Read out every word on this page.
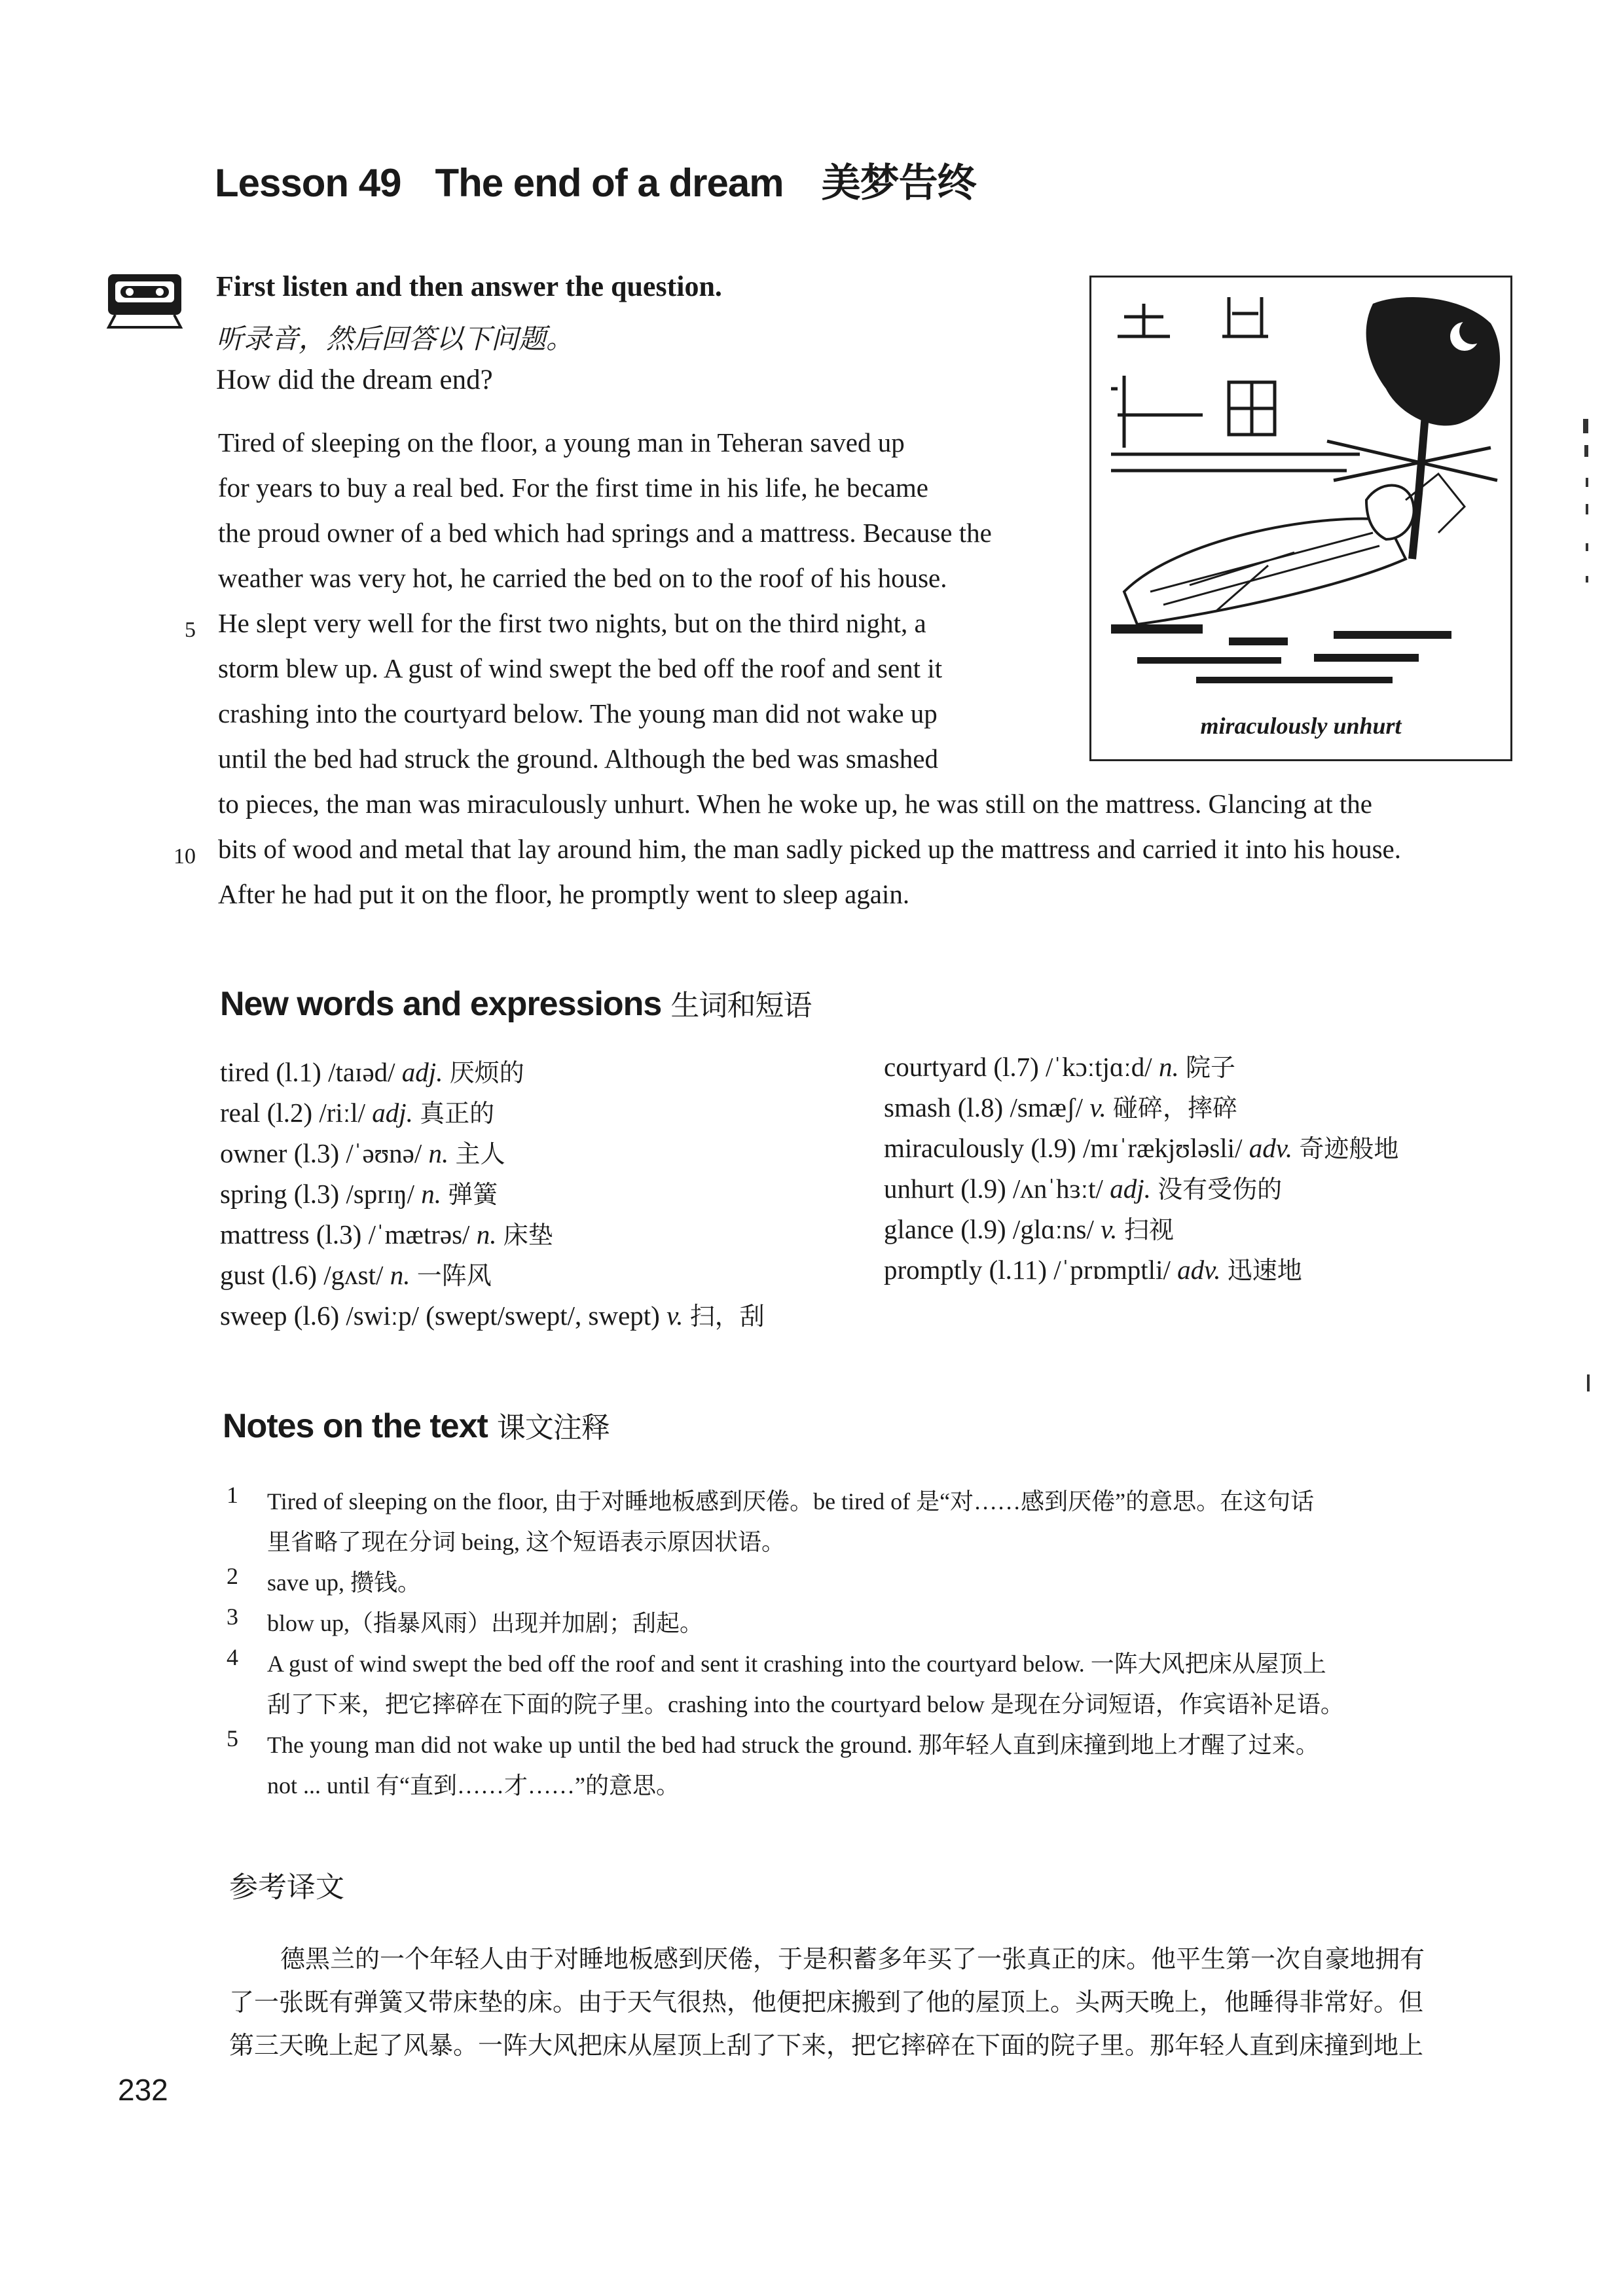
Lesson 49 The end of a dream 美梦告终
First listen and then answer the question.
听录音，然后回答以下问题。
How did the dream end?
Tired of sleeping on the floor, a young man in Teheran saved up
for years to buy a real bed. For the first time in his life, he became
the proud owner of a bed which had springs and a mattress. Because the
weather was very hot, he carried the bed on to the roof of his house.
He slept very well for the first two nights, but on the third night, a
storm blew up. A gust of wind swept the bed off the roof and sent it
crashing into the courtyard below. The young man did not wake up
until the bed had struck the ground. Although the bed was smashed
to pieces, the man was miraculously unhurt. When he woke up, he was still on the mattress. Glancing at the
bits of wood and metal that lay around him, the man sadly picked up the mattress and carried it into his house.
After he had put it on the floor, he promptly went to sleep again.
5
10
miraculously unhurt
New words and expressions 生词和短语
tired (l.1) /taɪəd/ adj. 厌烦的
real (l.2) /riːl/ adj. 真正的
owner (l.3) /ˈəʊnə/ n. 主人
spring (l.3) /sprɪŋ/ n. 弹簧
mattress (l.3) /ˈmætrəs/ n. 床垫
gust (l.6) /gʌst/ n. 一阵风
sweep (l.6) /swiːp/ (swept/swept/, swept) v. 扫，刮
courtyard (l.7) /ˈkɔːtjɑːd/ n. 院子
smash (l.8) /smæʃ/ v. 碰碎，摔碎
miraculously (l.9) /mɪˈrækjʊləsli/ adv. 奇迹般地
unhurt (l.9) /ʌnˈhɜːt/ adj. 没有受伤的
glance (l.9) /glɑːns/ v. 扫视
promptly (l.11) /ˈprɒmptli/ adv. 迅速地
Notes on the text 课文注释
1 Tired of sleeping on the floor, 由于对睡地板感到厌倦。be tired of 是“对……感到厌倦”的意思。在这句话
里省略了现在分词 being, 这个短语表示原因状语。
2 save up, 攒钱。
3 blow up,（指暴风雨）出现并加剧；刮起。
4 A gust of wind swept the bed off the roof and sent it crashing into the courtyard below. 一阵大风把床从屋顶上
刮了下来，把它摔碎在下面的院子里。crashing into the courtyard below 是现在分词短语，作宾语补足语。
5 The young man did not wake up until the bed had struck the ground. 那年轻人直到床撞到地上才醒了过来。
not ... until 有“直到……才……”的意思。
参考译文
德黑兰的一个年轻人由于对睡地板感到厌倦，于是积蓄多年买了一张真正的床。他平生第一次自豪地拥有
了一张既有弹簧又带床垫的床。由于天气很热，他便把床搬到了他的屋顶上。头两天晚上，他睡得非常好。但
第三天晚上起了风暴。一阵大风把床从屋顶上刮了下来，把它摔碎在下面的院子里。那年轻人直到床撞到地上
232
